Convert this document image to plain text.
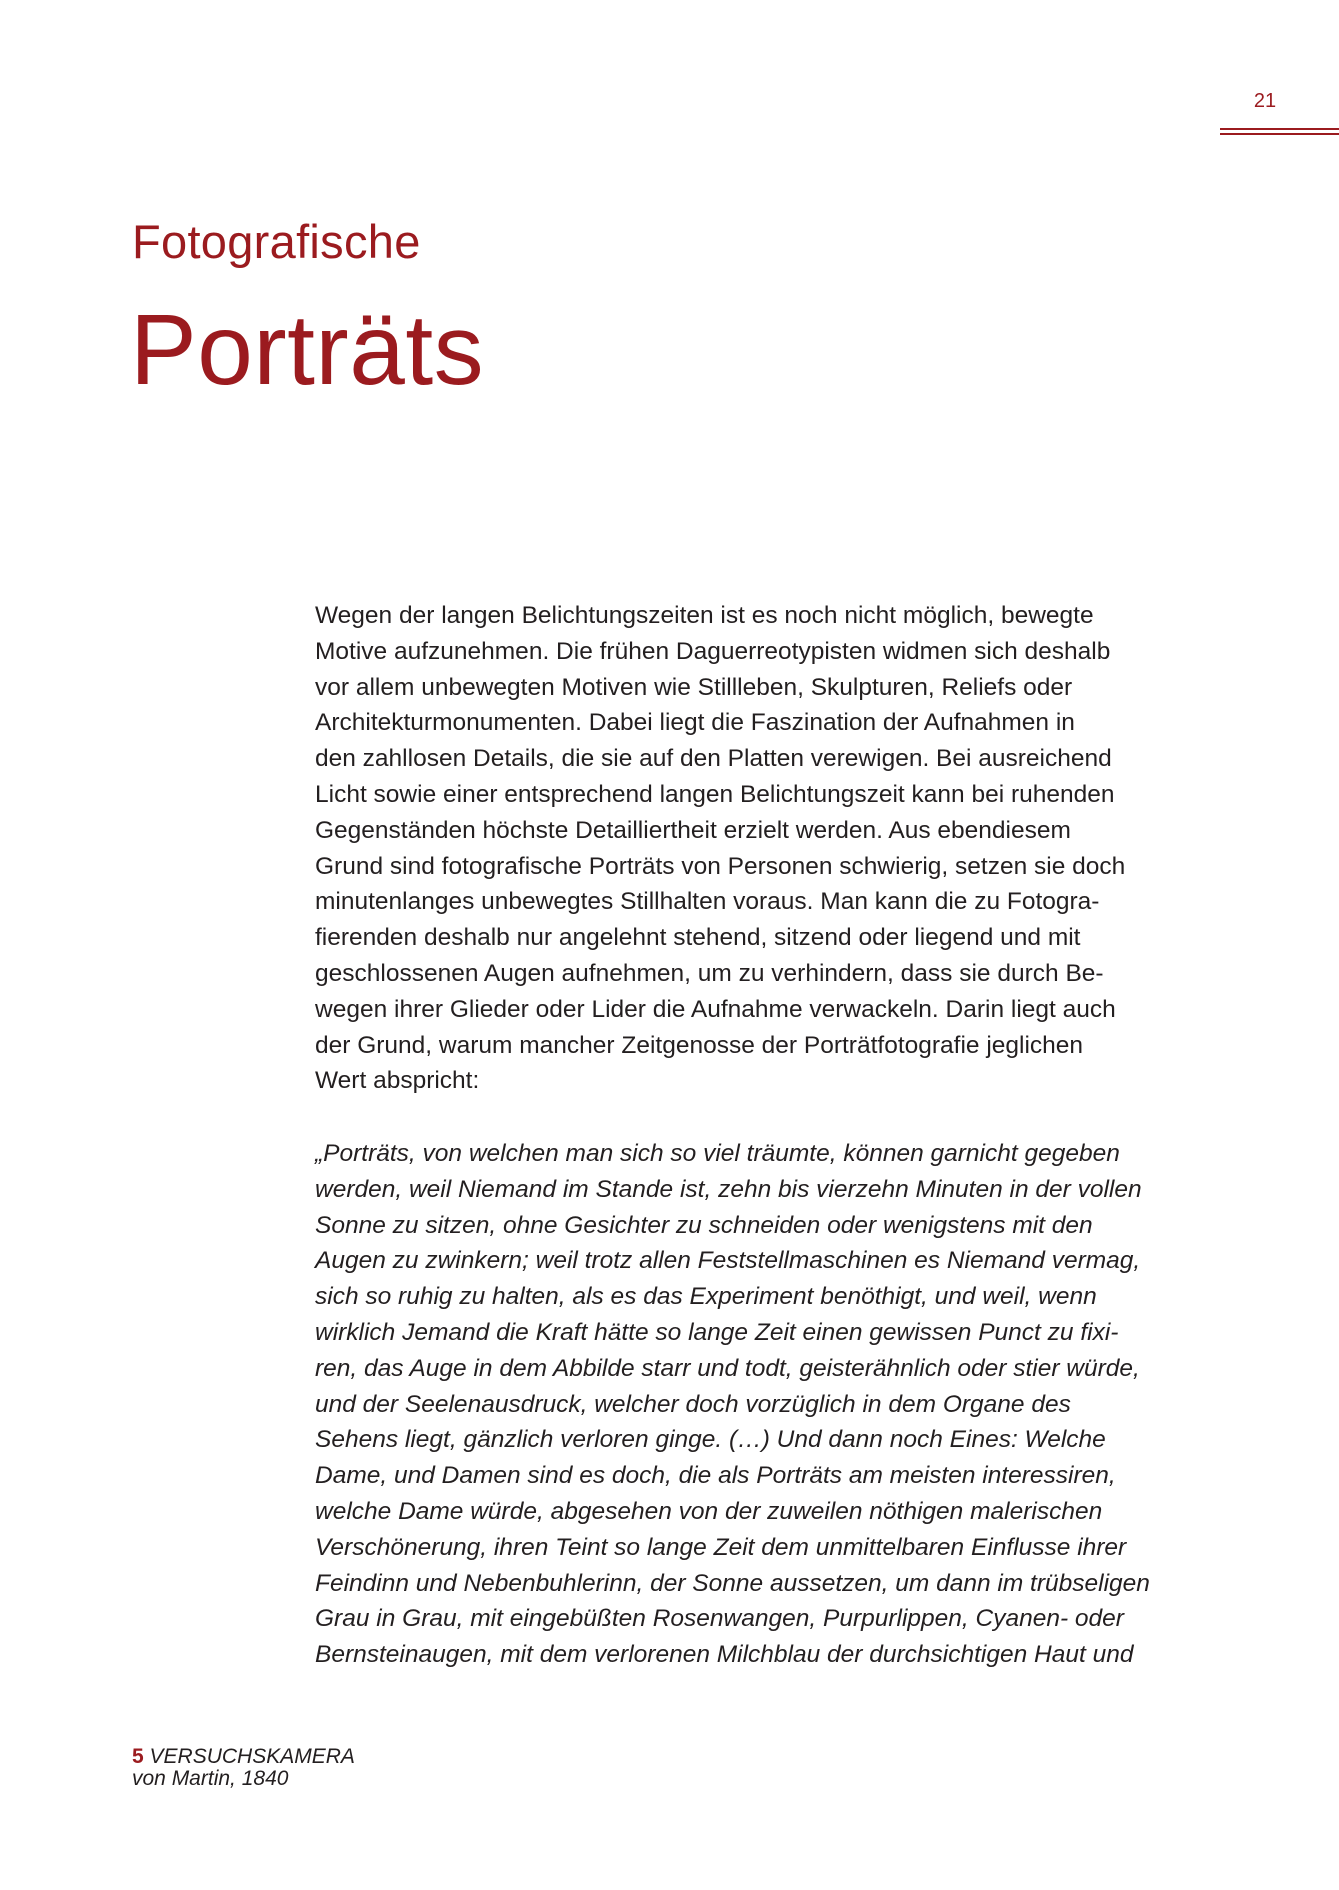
21
Fotografische
Porträts
Wegen der langen Belichtungszeiten ist es noch nicht möglich, bewegte
Motive aufzunehmen. Die frühen Daguerreotypisten widmen sich deshalb
vor allem unbewegten Motiven wie Stillleben, Skulpturen, Reliefs oder
Architekturmonumenten. Dabei liegt die Faszination der Aufnahmen in
den zahllosen Details, die sie auf den Platten verewigen. Bei ausreichend
Licht sowie einer entsprechend langen Belichtungszeit kann bei ruhenden
Gegenständen höchste Detailliertheit erzielt werden. Aus ebendiesem
Grund sind fotografische Porträts von Personen schwierig, setzen sie doch
minutenlanges unbewegtes Stillhalten voraus. Man kann die zu Fotogra-
fierenden deshalb nur angelehnt stehend, sitzend oder liegend und mit
geschlossenen Augen aufnehmen, um zu verhindern, dass sie durch Be-
wegen ihrer Glieder oder Lider die Aufnahme verwackeln. Darin liegt auch
der Grund, warum mancher Zeitgenosse der Porträtfotografie jeglichen
Wert abspricht:
„Porträts, von welchen man sich so viel träumte, können garnicht gegeben
werden, weil Niemand im Stande ist, zehn bis vierzehn Minuten in der vollen
Sonne zu sitzen, ohne Gesichter zu schneiden oder wenigstens mit den
Augen zu zwinkern; weil trotz allen Feststellmaschinen es Niemand vermag,
sich so ruhig zu halten, als es das Experiment benöthigt, und weil, wenn
wirklich Jemand die Kraft hätte so lange Zeit einen gewissen Punct zu fixi-
ren, das Auge in dem Abbilde starr und todt, geisterähnlich oder stier würde,
und der Seelenausdruck, welcher doch vorzüglich in dem Organe des
Sehens liegt, gänzlich verloren ginge. (…) Und dann noch Eines: Welche
Dame, und Damen sind es doch, die als Porträts am meisten interessiren,
welche Dame würde, abgesehen von der zuweilen nöthigen malerischen
Verschönerung, ihren Teint so lange Zeit dem unmittelbaren Einflusse ihrer
Feindinn und Nebenbuhlerinn, der Sonne aussetzen, um dann im trübseligen
Grau in Grau, mit eingebüßten Rosenwangen, Purpurlippen, Cyanen- oder
Bernsteinaugen, mit dem verlorenen Milchblau der durchsichtigen Haut und
5 VERSUCHSKAMERA
von Martin, 1840
